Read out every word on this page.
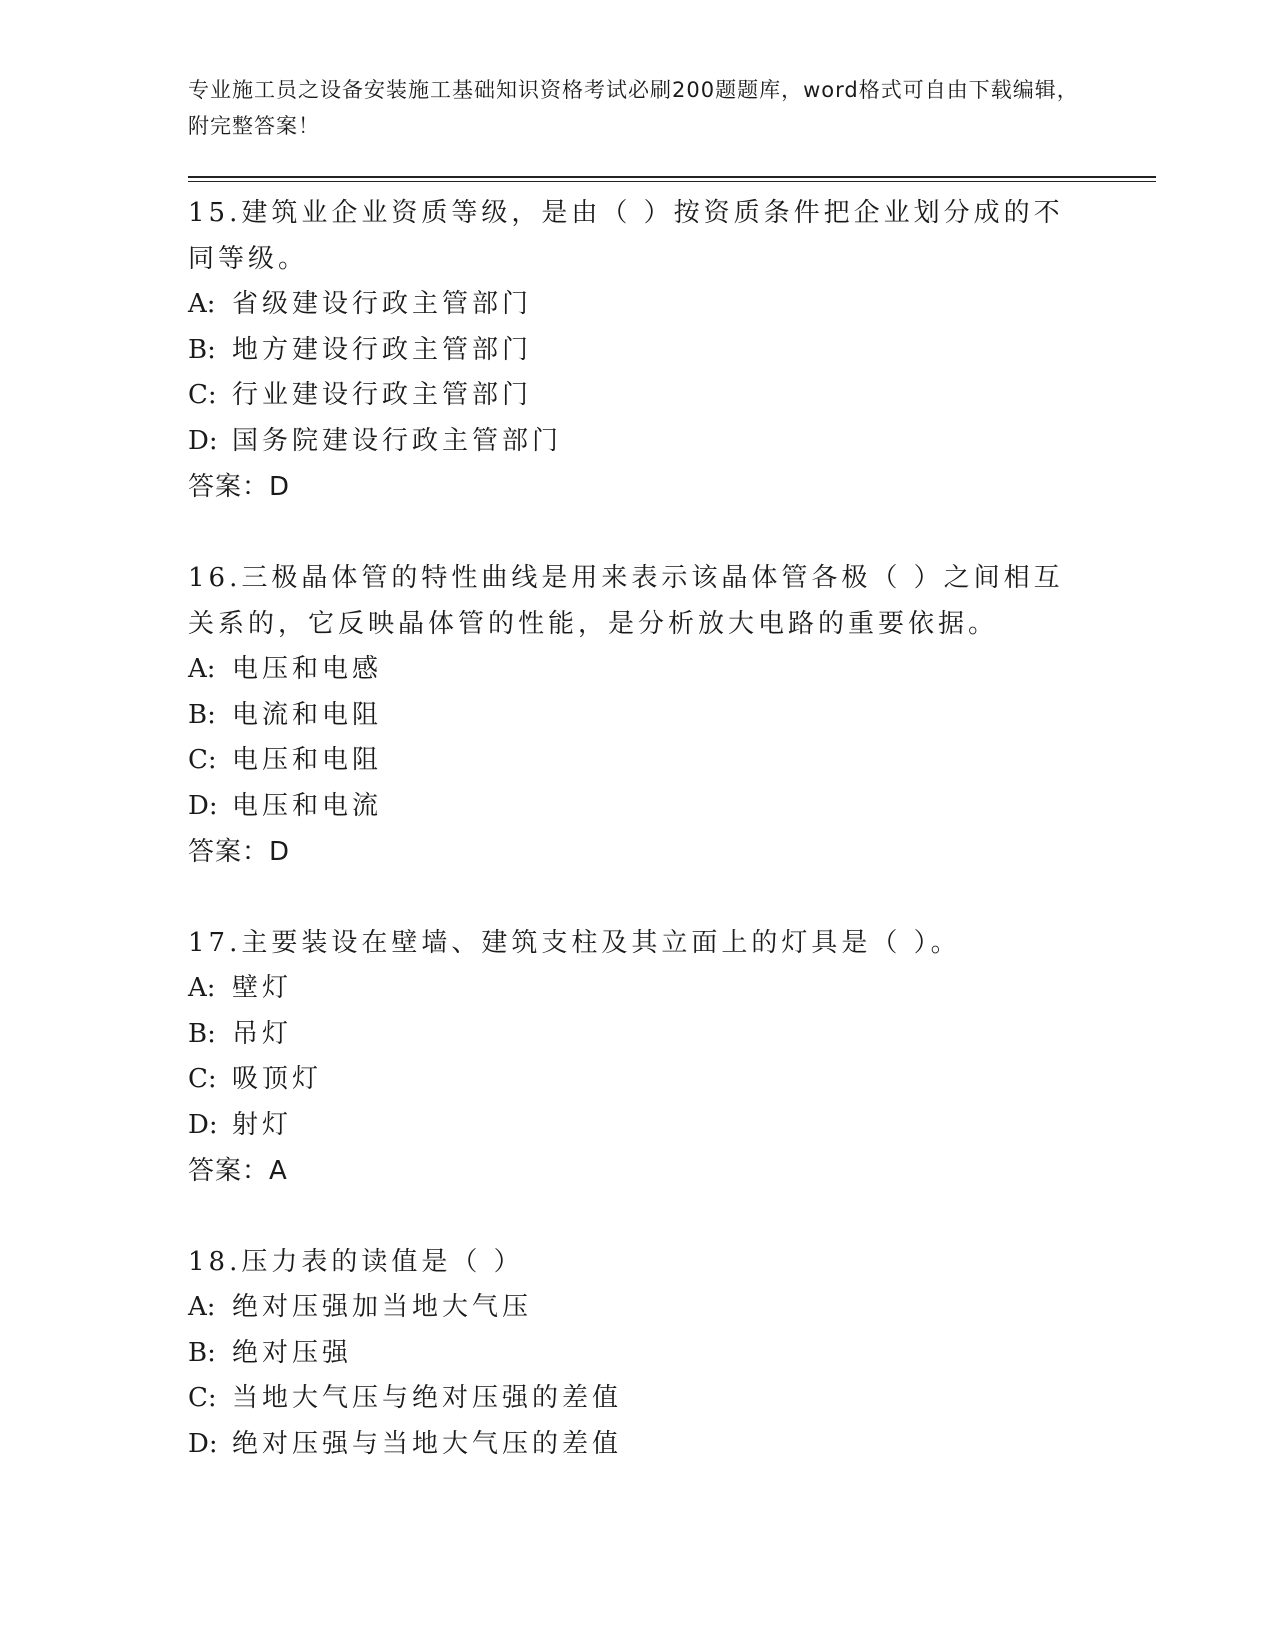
专业施工员之设备安装施工基础知识资格考试必刷200题题库，word格式可自由下载编辑，附完整答案！

15.建筑业企业资质等级，是由（ ）按资质条件把企业划分成的不同等级。

A: 省级建设行政主管部门

B: 地方建设行政主管部门

C: 行业建设行政主管部门

D: 国务院建设行政主管部门

答案：D

16.三极晶体管的特性曲线是用来表示该晶体管各极（ ）之间相互关系的，它反映晶体管的性能，是分析放大电路的重要依据。

A: 电压和电感

B: 电流和电阻

C: 电压和电阻

D: 电压和电流

答案：D

17.主要装设在壁墙、建筑支柱及其立面上的灯具是（ ）。

A: 壁灯

B: 吊灯

C: 吸顶灯

D: 射灯

答案：A

18.压力表的读值是（ ）

A: 绝对压强加当地大气压

B: 绝对压强

C: 当地大气压与绝对压强的差值

D: 绝对压强与当地大气压的差值
